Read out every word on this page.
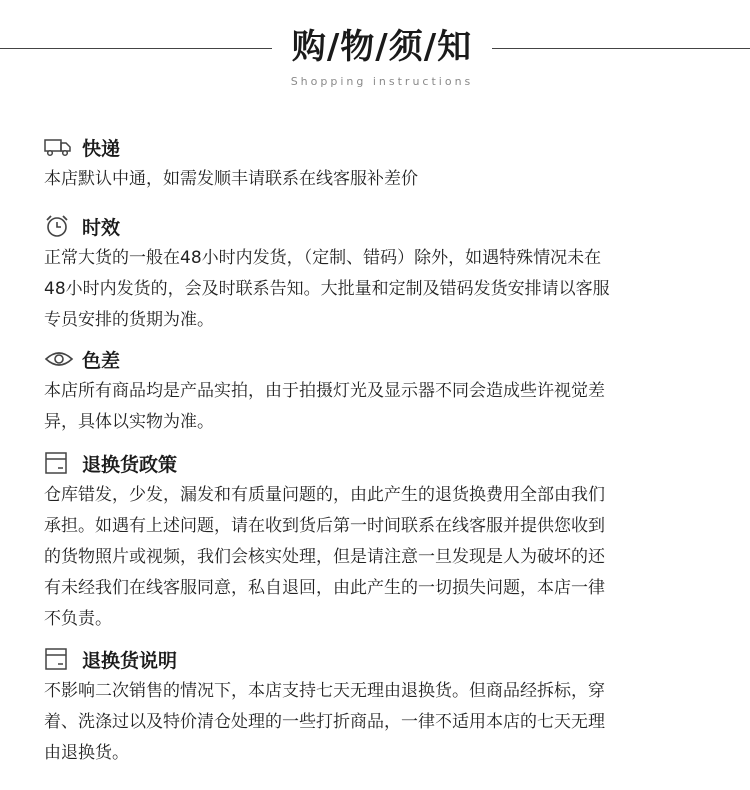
购/物/须/知
Shopping instructions
快递

本店默认中通，如需发顺丰请联系在线客服补差价

时效

正常大货的一般在48小时内发货，（定制、错码）除外，如遇特殊情况未在

48小时内发货的，会及时联系告知。大批量和定制及错码发货安排请以客服

专员安排的货期为准。

色差

本店所有商品均是产品实拍，由于拍摄灯光及显示器不同会造成些许视觉差

异，具体以实物为准。

退换货政策

仓库错发，少发，漏发和有质量问题的，由此产生的退货换费用全部由我们

承担。如遇有上述问题，请在收到货后第一时间联系在线客服并提供您收到

的货物照片或视频，我们会核实处理，但是请注意一旦发现是人为破坏的还

有未经我们在线客服同意，私自退回，由此产生的一切损失问题，本店一律

不负责。

退换货说明

不影响二次销售的情况下，本店支持七天无理由退换货。但商品经拆标，穿

着、洗涤过以及特价清仓处理的一些打折商品，一律不适用本店的七天无理

由退换货。
